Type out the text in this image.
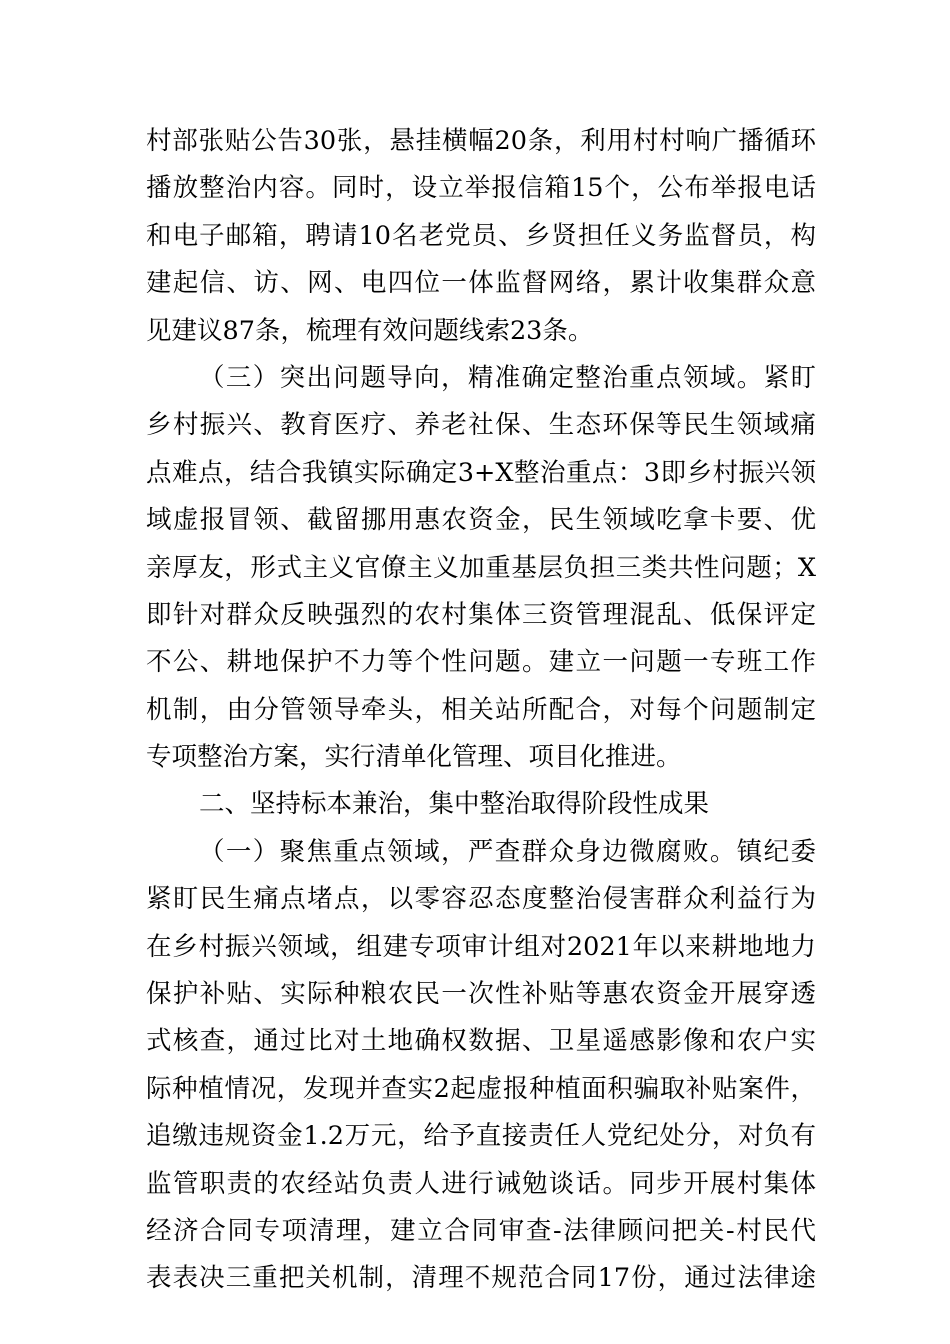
村部张贴公告30张，悬挂横幅20条，利用村村响广播循环
播放整治内容。同时，设立举报信箱15个，公布举报电话
和电子邮箱，聘请10名老党员、乡贤担任义务监督员，构
建起信、访、网、电四位一体监督网络，累计收集群众意
见建议87条，梳理有效问题线索23条。
（三）突出问题导向，精准确定整治重点领域。紧盯
乡村振兴、教育医疗、养老社保、生态环保等民生领域痛
点难点，结合我镇实际确定3+X整治重点：3即乡村振兴领
域虚报冒领、截留挪用惠农资金，民生领域吃拿卡要、优
亲厚友，形式主义官僚主义加重基层负担三类共性问题；X
即针对群众反映强烈的农村集体三资管理混乱、低保评定
不公、耕地保护不力等个性问题。建立一问题一专班工作
机制，由分管领导牵头，相关站所配合，对每个问题制定
专项整治方案，实行清单化管理、项目化推进。
二、坚持标本兼治，集中整治取得阶段性成果
（一）聚焦重点领域，严查群众身边微腐败。镇纪委
紧盯民生痛点堵点，以零容忍态度整治侵害群众利益行为
在乡村振兴领域，组建专项审计组对2021年以来耕地地力
保护补贴、实际种粮农民一次性补贴等惠农资金开展穿透
式核查，通过比对土地确权数据、卫星遥感影像和农户实
际种植情况，发现并查实2起虚报种植面积骗取补贴案件，
追缴违规资金1.2万元，给予直接责任人党纪处分，对负有
监管职责的农经站负责人进行诫勉谈话。同步开展村集体
经济合同专项清理，建立合同审查-法律顾问把关-村民代
表表决三重把关机制，清理不规范合同17份，通过法律途
